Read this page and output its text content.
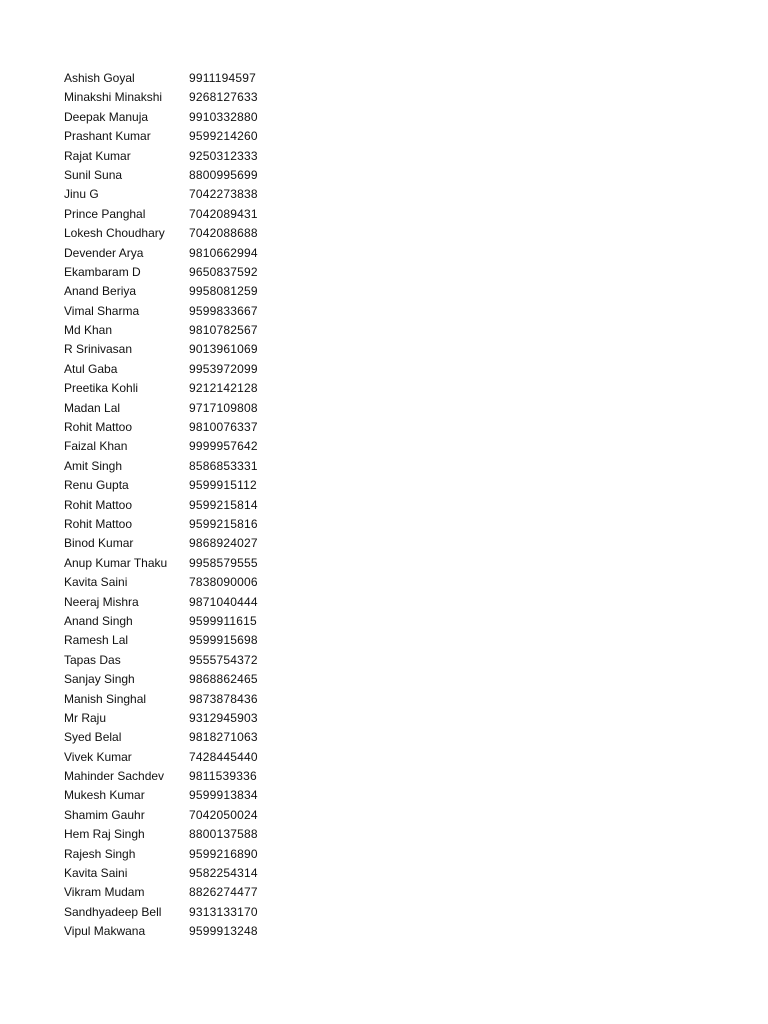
Ashish Goyal	9911194597
Minakshi Minakshi	9268127633
Deepak Manuja	9910332880
Prashant Kumar	9599214260
Rajat Kumar	9250312333
Sunil Suna	8800995699
Jinu G	7042273838
Prince Panghal	7042089431
Lokesh Choudhary 7042088688
Devender Arya	9810662994
Ekambaram D	9650837592
Anand Beriya	9958081259
Vimal Sharma	9599833667
Md Khan	9810782567
R Srinivasan	9013961069
Atul Gaba	9953972099
Preetika Kohli	9212142128
Madan Lal	9717109808
Rohit Mattoo	9810076337
Faizal Khan	9999957642
Amit Singh	8586853331
Renu Gupta	9599915112
Rohit Mattoo	9599215814
Rohit Mattoo	9599215816
Binod Kumar	9868924027
Anup Kumar Thaku 9958579555
Kavita Saini	7838090006
Neeraj Mishra	9871040444
Anand Singh	9599911615
Ramesh Lal	9599915698
Tapas Das	9555754372
Sanjay Singh	9868862465
Manish Singhal	9873878436
Mr Raju	9312945903
Syed Belal	9818271063
Vivek Kumar	7428445440
Mahinder Sachdev	9811539336
Mukesh Kumar	9599913834
Shamim Gauhr	7042050024
Hem Raj Singh	8800137588
Rajesh Singh	9599216890
Kavita Saini	9582254314
Vikram Mudam	8826274477
Sandhyadeep Bell	9313133170
Vipul Makwana	9599913248
